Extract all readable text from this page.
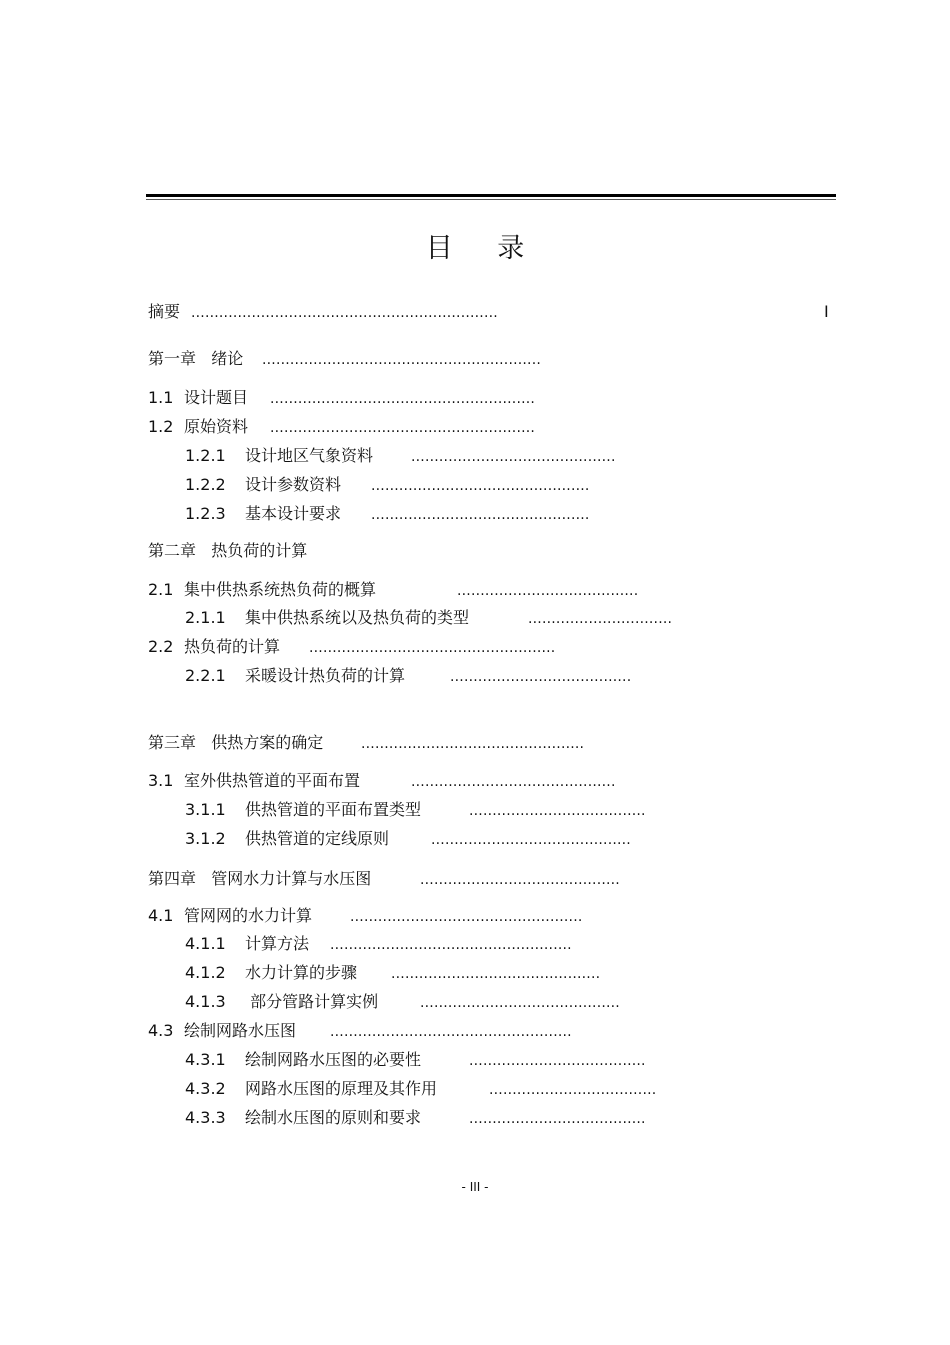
目 录
摘要 ..................................................................	I
第一章   绪论 ............................................................
1.1 设计题目 .........................................................
1.2 原始资料 .........................................................
1.2.1 设计地区气象资料	............................................
1.2.2 设计参数资料 ...............................................
1.2.3 基本设计要求 ...............................................
第二章   热负荷的计算
2.1 集中供热系统热负荷的概算	.......................................
2.1.1 集中供热系统以及热负荷的类型	...............................
2.2 热负荷的计算 .....................................................
2.2.1 采暖设计热负荷的计算	.......................................
第三章   供热方案的确定	................................................
3.1 室外供热管道的平面布置	............................................
3.1.1 供热管道的平面布置类型	......................................
3.1.2 供热管道的定线原则	...........................................
第四章   管网水力计算与水压图	...........................................
4.1 管网网的水力计算	..................................................
4.1.1 计算方法 ....................................................
4.1.2 水力计算的步骤 .............................................
4.1.3 部分管路计算实例	...........................................
4.3 绘制网路水压图 ....................................................
4.3.1 绘制网路水压图的必要性	......................................
4.3.2 网路水压图的原理及其作用	....................................
4.3.3 绘制水压图的原则和要求	......................................
- III -
